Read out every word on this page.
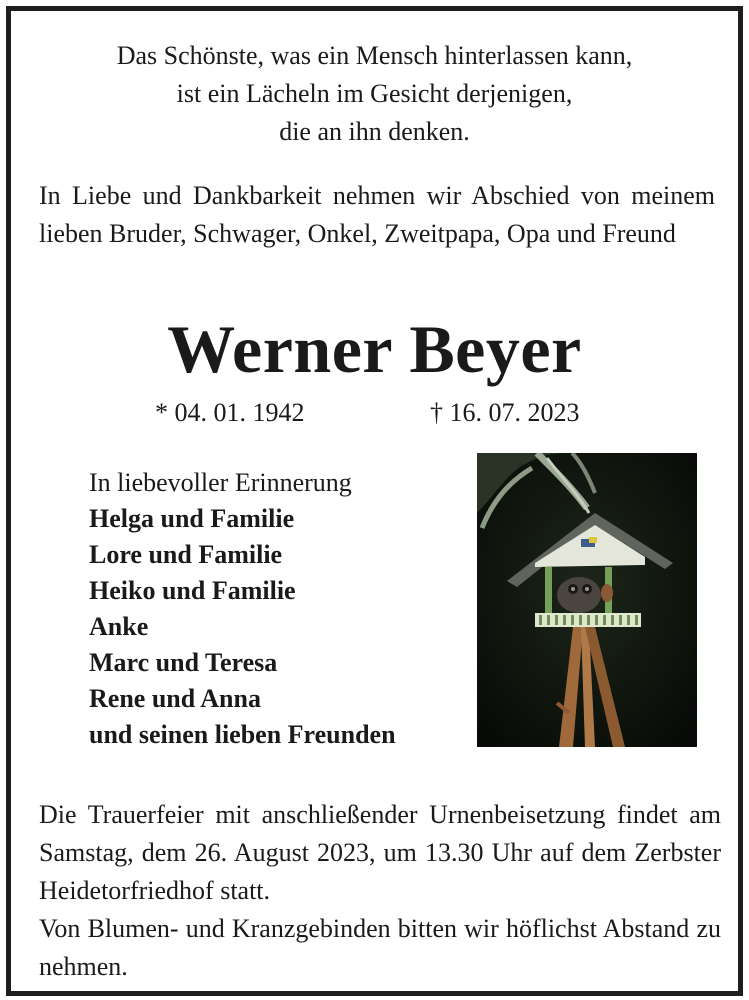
Das Schönste, was ein Mensch hinterlassen kann,
ist ein Lächeln im Gesicht derjenigen,
die an ihn denken.
In Liebe und Dankbarkeit nehmen wir Abschied von meinem lieben Bruder, Schwager, Onkel, Zweitpapa, Opa und Freund
Werner Beyer
* 04. 01. 1942	† 16. 07. 2023
In liebevoller Erinnerung
Helga und Familie
Lore und Familie
Heiko und Familie
Anke
Marc und Teresa
Rene und Anna
und seinen lieben Freunden
Die Trauerfeier mit anschließender Urnenbeisetzung findet am Samstag, dem 26. August 2023, um 13.30 Uhr auf dem Zerbster Heidetorfriedhof statt.
Von Blumen- und Kranzgebinden bitten wir höflichst Abstand zu nehmen.
